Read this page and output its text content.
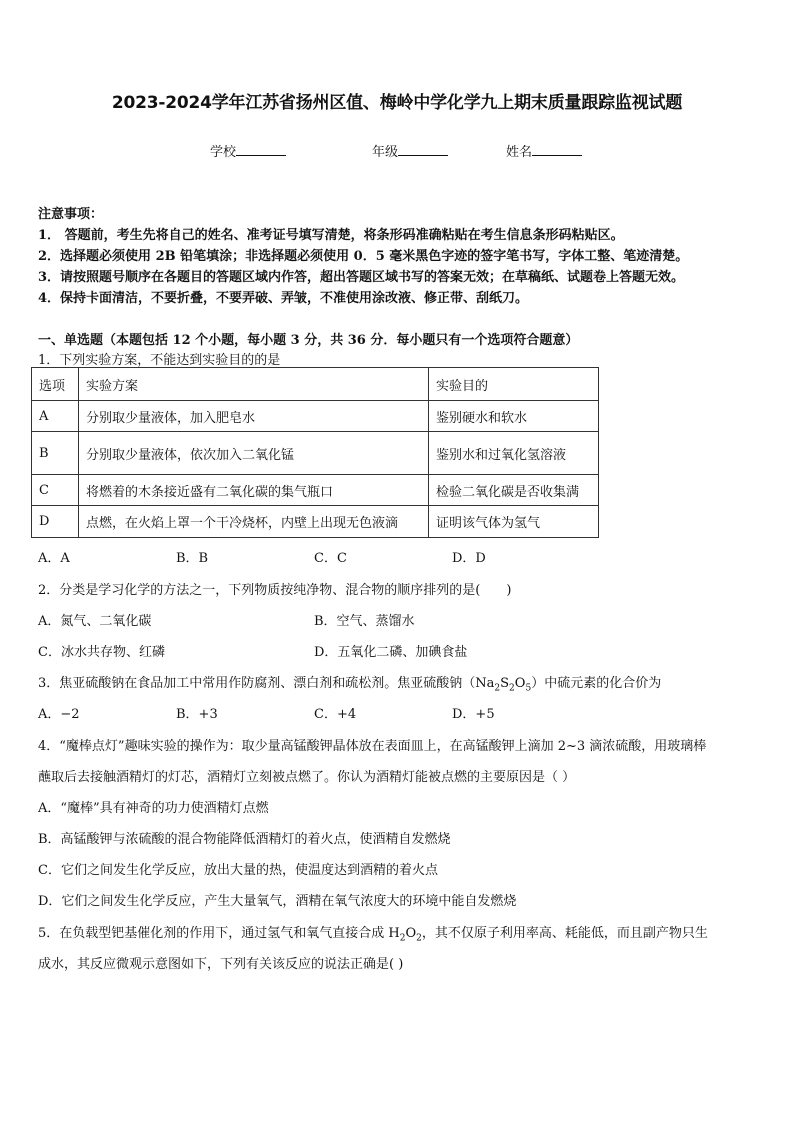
2023-2024学年江苏省扬州区值、梅岭中学化学九上期末质量跟踪监视试题
学校	年级	姓名
注意事项：
1． 答题前，考生先将自己的姓名、准考证号填写清楚，将条形码准确粘贴在考生信息条形码粘贴区。
2．选择题必须使用 2B 铅笔填涂；非选择题必须使用 0．5 毫米黑色字迹的签字笔书写，字体工整、笔迹清楚。
3．请按照题号顺序在各题目的答题区域内作答，超出答题区域书写的答案无效；在草稿纸、试题卷上答题无效。
4．保持卡面清洁，不要折叠，不要弄破、弄皱，不准使用涂改液、修正带、刮纸刀。
一、单选题（本题包括 12 个小题，每小题 3 分，共 36 分．每小题只有一个选项符合题意）
1．下列实验方案，不能达到实验目的的是
选项	实验方案	实验目的
A	分别取少量液体，加入肥皂水	鉴别硬水和软水
B	分别取少量液体，依次加入二氧化锰	鉴别水和过氧化氢溶液
C	将燃着的木条接近盛有二氧化碳的集气瓶口	检验二氧化碳是否收集满
D	点燃，在火焰上罩一个干冷烧杯，内壁上出现无色液滴	证明该气体为氢气
A．A	B．B	C．C	D．D
2．分类是学习化学的方法之一，下列物质按纯净物、混合物的顺序排列的是(　　)
A．氮气、二氧化碳	B．空气、蒸馏水
C．冰水共存物、红磷	D．五氧化二磷、加碘食盐
3．焦亚硫酸钠在食品加工中常用作防腐剂、漂白剂和疏松剂。焦亚硫酸钠$(Na_2S_2O_5)$中硫元素的化合价为
A．−2	B．+3	C．+4	D．+5
4．“魔棒点灯”趣味实验的操作为：取少量高锰酸钾晶体放在表面皿上，在高锰酸钾上滴加 2~3 滴浓硫酸，用玻璃棒
蘸取后去接触酒精灯的灯芯，酒精灯立刻被点燃了。你认为酒精灯能被点燃的主要原因是（ ）
A．“魔棒”具有神奇的功力使酒精灯点燃
B．高锰酸钾与浓硫酸的混合物能降低酒精灯的着火点，使酒精自发燃烧
C．它们之间发生化学反应，放出大量的热，使温度达到酒精的着火点
D．它们之间发生化学反应，产生大量氧气，酒精在氧气浓度大的环境中能自发燃烧
5．在负载型钯基催化剂的作用下，通过氢气和氧气直接合成 $H_2O_2$，其不仅原子利用率高、耗能低，而且副产物只生
成水，其反应微观示意图如下，下列有关该反应的说法正确是( )
